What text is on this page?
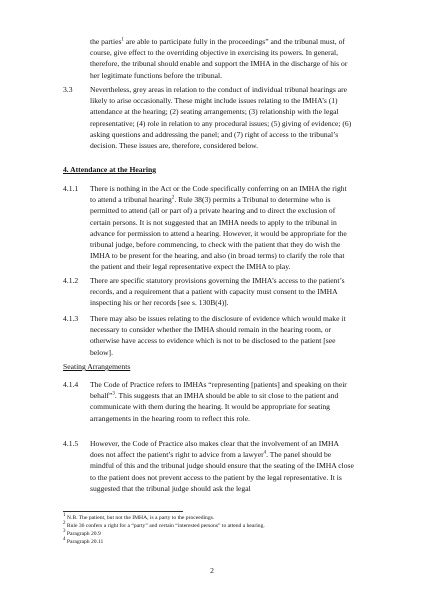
the parties$^1$ are able to participate fully in the proceedings” and the tribunal must, of course, give effect to the overriding objective in exercising its powers. In general, therefore, the tribunal should enable and support the IMHA in the discharge of his or her legitimate functions before the tribunal.
3.3 Nevertheless, grey areas in relation to the conduct of individual tribunal hearings are likely to arise occasionally. These might include issues relating to the IMHA’s (1) attendance at the hearing; (2) seating arrangements; (3) relationship with the legal representative; (4) role in relation to any procedural issues; (5) giving of evidence; (6) asking questions and addressing the panel; and (7) right of access to the tribunal’s decision. These issues are, therefore, considered below.
4. Attendance at the Hearing
4.1.1 There is nothing in the Act or the Code specifically conferring on an IMHA the right to attend a tribunal hearing$^2$. Rule 38(3) permits a Tribunal to determine who is permitted to attend (all or part of) a private hearing and to direct the exclusion of certain persons. It is not suggested that an IMHA needs to apply to the tribunal in advance for permission to attend a hearing. However, it would be appropriate for the tribunal judge, before commencing, to check with the patient that they do wish the IMHA to be present for the hearing, and also (in broad terms) to clarify the role that the patient and their legal representative expect the IMHA to play.
4.1.2 There are specific statutory provisions governing the IMHA’s access to the patient’s records, and a requirement that a patient with capacity must consent to the IMHA inspecting his or her records [see s. 130B(4)].
4.1.3 There may also be issues relating to the disclosure of evidence which would make it necessary to consider whether the IMHA should remain in the hearing room, or otherwise have access to evidence which is not to be disclosed to the patient [see below].
Seating Arrangements
4.1.4 The Code of Practice refers to IMHAs “representing [patients] and speaking on their behalf”$^3$. This suggests that an IMHA should be able to sit close to the patient and communicate with them during the hearing. It would be appropriate for seating arrangements in the hearing room to reflect this role.
4.1.5 However, the Code of Practice also makes clear that the involvement of an IMHA does not affect the patient’s right to advice from a lawyer$^4$. The panel should be mindful of this and the tribunal judge should ensure that the seating of the IMHA close to the patient does not prevent access to the patient by the legal representative. It is suggested that the tribunal judge should ask the legal
$^1$ N.B. The patient, but not the IMHA, is a party to the proceedings.
$^2$ Rule 36 confers a right for a “party” and certain “interested persons” to attend a hearing.
$^3$ Paragraph 20.9
$^4$ Paragraph 20.11
2
